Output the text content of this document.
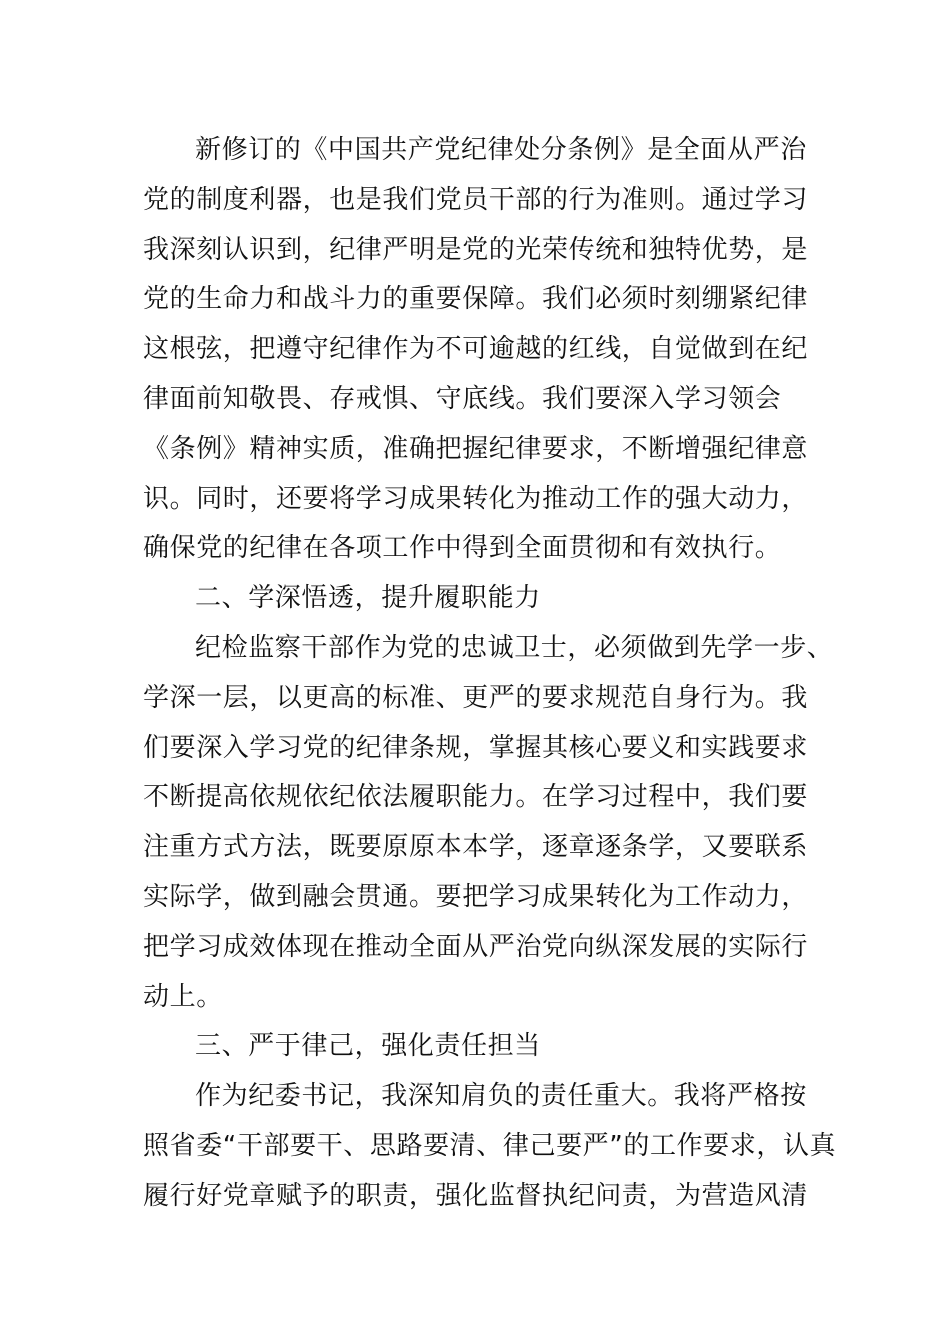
新修订的《中国共产党纪律处分条例》是全面从严治
党的制度利器，也是我们党员干部的行为准则。通过学习
我深刻认识到，纪律严明是党的光荣传统和独特优势，是
党的生命力和战斗力的重要保障。我们必须时刻绷紧纪律
这根弦，把遵守纪律作为不可逾越的红线，自觉做到在纪
律面前知敬畏、存戒惧、守底线。我们要深入学习领会
《条例》精神实质，准确把握纪律要求，不断增强纪律意
识。同时，还要将学习成果转化为推动工作的强大动力，
确保党的纪律在各项工作中得到全面贯彻和有效执行。
二、学深悟透，提升履职能力
纪检监察干部作为党的忠诚卫士，必须做到先学一步、
学深一层，以更高的标准、更严的要求规范自身行为。我
们要深入学习党的纪律条规，掌握其核心要义和实践要求
不断提高依规依纪依法履职能力。在学习过程中，我们要
注重方式方法，既要原原本本学，逐章逐条学，又要联系
实际学，做到融会贯通。要把学习成果转化为工作动力，
把学习成效体现在推动全面从严治党向纵深发展的实际行
动上。
三、严于律己，强化责任担当
作为纪委书记，我深知肩负的责任重大。我将严格按
照省委“干部要干、思路要清、律己要严”的工作要求，认真
履行好党章赋予的职责，强化监督执纪问责，为营造风清
